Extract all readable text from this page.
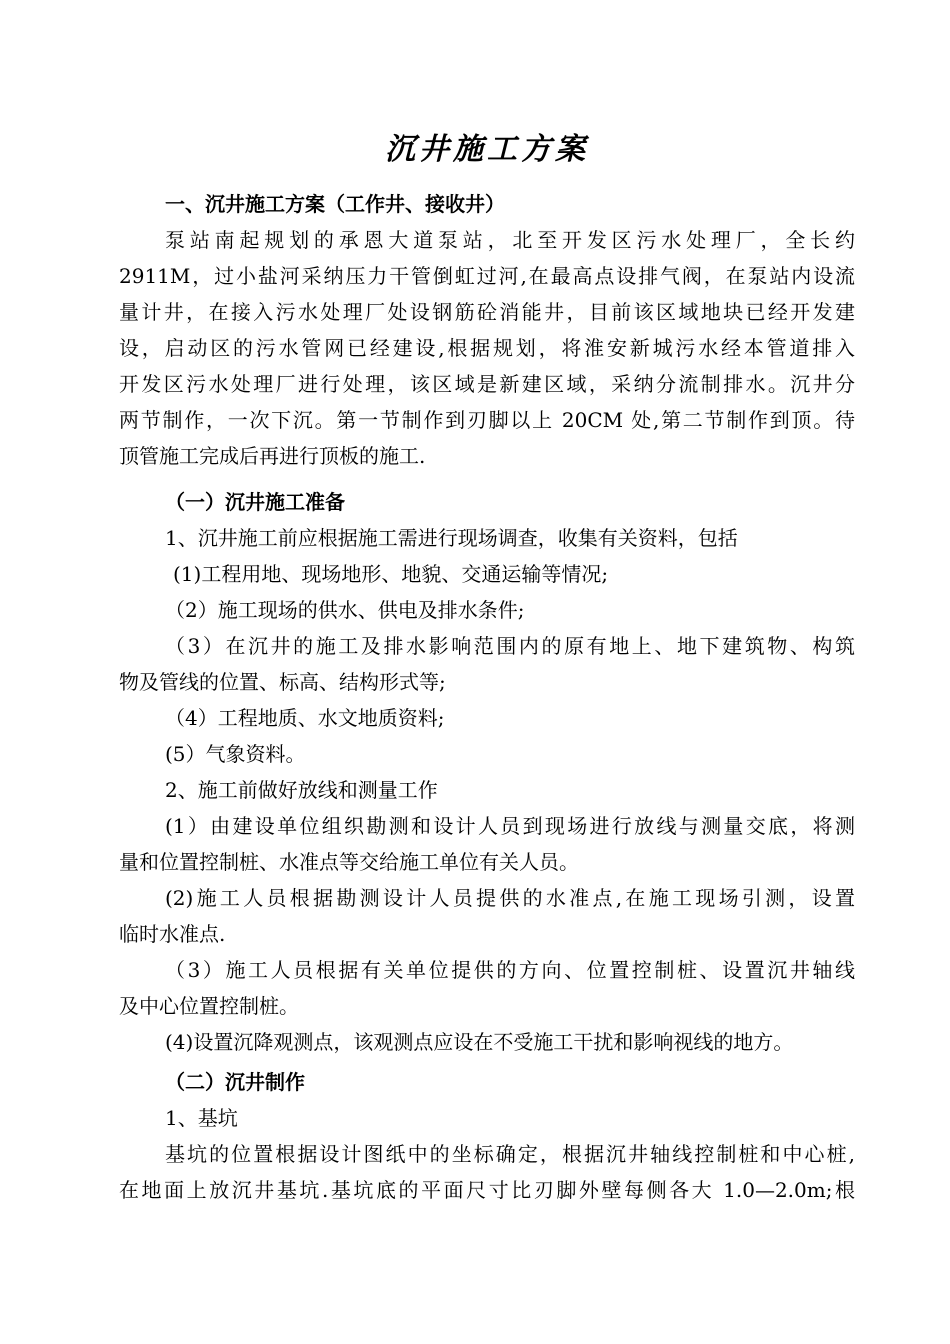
沉井施工方案
一、沉井施工方案（工作井、接收井）
泵站南起规划的承恩大道泵站，北至开发区污水处理厂，全长约
2911M，过小盐河采纳压力干管倒虹过河,在最高点设排气阀，在泵站内设流
量计井，在接入污水处理厂处设钢筋砼消能井，目前该区域地块已经开发建
设，启动区的污水管网已经建设,根据规划，将淮安新城污水经本管道排入
开发区污水处理厂进行处理，该区域是新建区域，采纳分流制排水。沉井分
两节制作，一次下沉。第一节制作到刃脚以上 20CM 处,第二节制作到顶。待
顶管施工完成后再进行顶板的施工.
（一）沉井施工准备
1、沉井施工前应根据施工需进行现场调查，收集有关资料，包括
(1)工程用地、现场地形、地貌、交通运输等情况;
（2）施工现场的供水、供电及排水条件;
（3）在沉井的施工及排水影响范围内的原有地上、地下建筑物、构筑
物及管线的位置、标高、结构形式等;
（4）工程地质、水文地质资料;
(5）气象资料。
2、施工前做好放线和测量工作
(1）由建设单位组织勘测和设计人员到现场进行放线与测量交底，将测
量和位置控制桩、水准点等交给施工单位有关人员。
(2)施工人员根据勘测设计人员提供的水准点,在施工现场引测，设置
临时水准点.
（3）施工人员根据有关单位提供的方向、位置控制桩、设置沉井轴线
及中心位置控制桩。
(4)设置沉降观测点，该观测点应设在不受施工干扰和影响视线的地方。
（二）沉井制作
1、基坑
基坑的位置根据设计图纸中的坐标确定，根据沉井轴线控制桩和中心桩,
在地面上放沉井基坑.基坑底的平面尺寸比刃脚外壁每侧各大 1.0—2.0m;根
